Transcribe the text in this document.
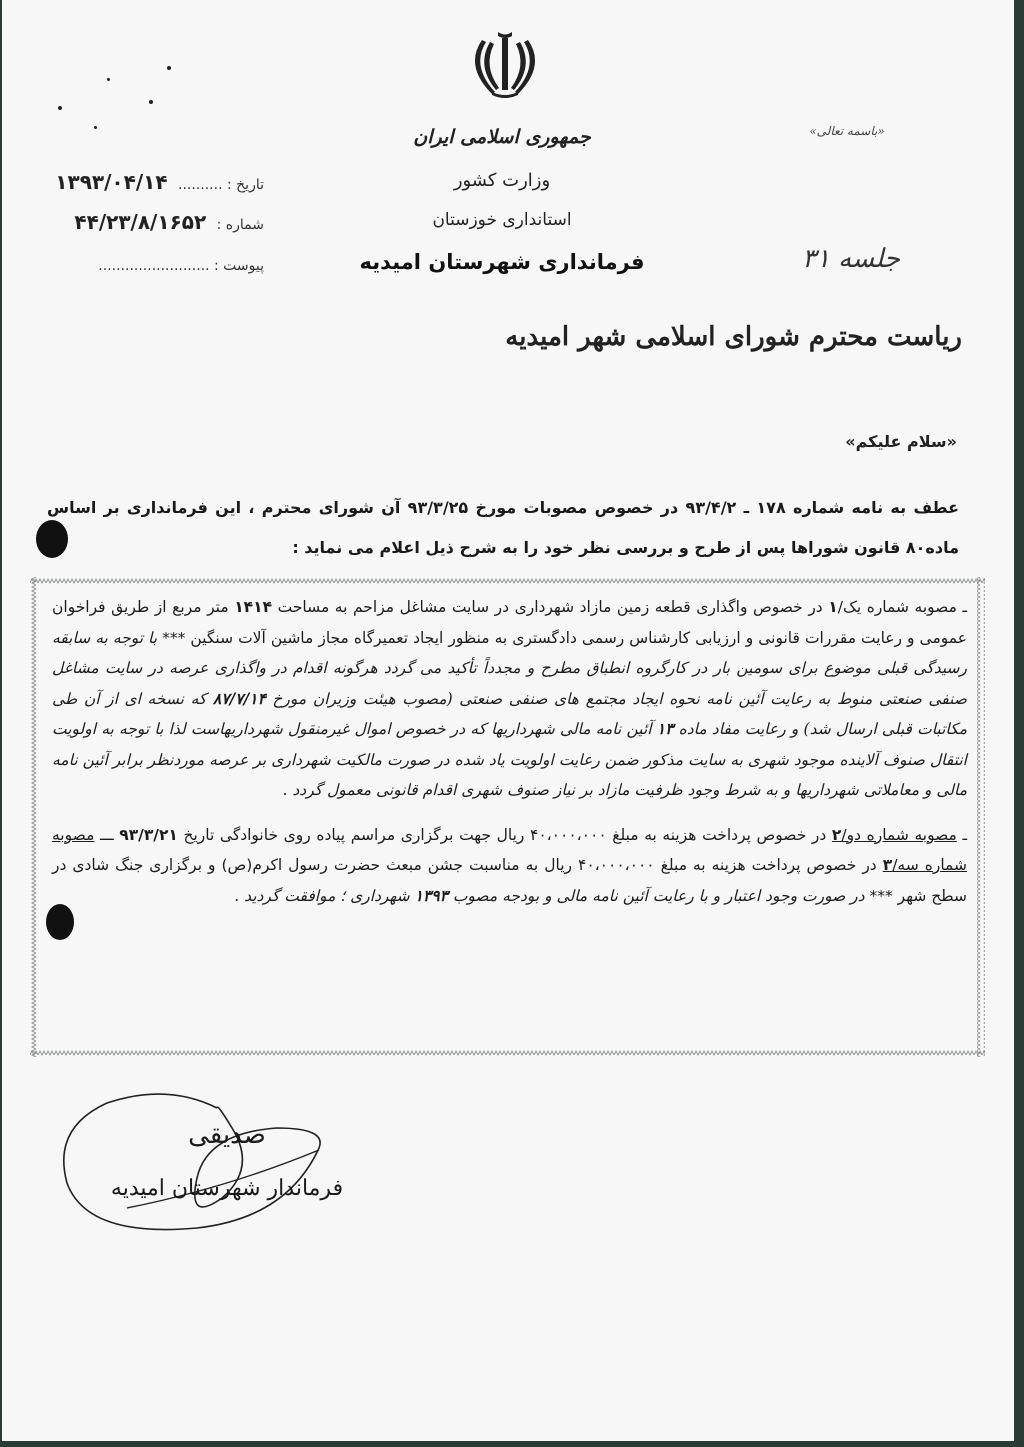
جمهوری اسلامی ایران
وزارت کشور
استانداری خوزستان
فرمانداری شهرستان امیدیه
«باسمه تعالی»
تاریخ : .......... ۱۳۹۳/۰۴/۱۴
شماره : ۴۴/۲۳/۸/۱۶۵۲
پیوست : .........................	جلسه ۳۱
ریاست محترم شورای اسلامی شهر امیدیه
«سلام علیکم»
عطف به نامه شماره ۱۷۸ ـ ۹۳/۴/۲ در خصوص مصوبات مورخ ۹۳/۳/۲۵ آن شورای محترم ، این فرمانداری بر اساس ماده۸۰ قانون شوراها پس از طرح و بررسی نظر خود را به شرح ذیل اعلام می نماید :

ـ مصوبه شماره یک/۱ در خصوص واگذاری قطعه زمین مازاد شهرداری در سایت مشاغل مزاحم به مساحت ۱۴۱۴ متر مربع از طریق فراخوان عمومی و رعایت مقررات قانونی و ارزیابی کارشناس رسمی دادگستری به منظور ایجاد تعمیرگاه مجاز ماشین آلات سنگین *** با توجه به سابقه رسیدگی قبلی موضوع برای سومین بار در کارگروه انطباق مطرح و مجدداً تأکید می گردد هرگونه اقدام در واگذاری عرصه در سایت مشاغل صنفی صنعتی منوط به رعایت آئین نامه نحوه ایجاد مجتمع های صنفی صنعتی (مصوب هیئت وزیران مورخ ۸۷/۷/۱۴ که نسخه ای از آن طی مکاتبات قبلی ارسال شد) و رعایت مفاد ماده ۱۳ آئین نامه مالی شهرداریها که در خصوص اموال غیرمنقول شهرداریهاست لذا با توجه به اولویت انتقال صنوف آلاینده موجود شهری به سایت مذکور ضمن رعایت اولویت یاد شده در صورت مالکیت شهرداری بر عرصه موردنظر برابر آئین نامه مالی و معاملاتی شهرداریها و به شرط وجود ظرفیت مازاد بر نیاز صنوف شهری اقدام قانونی معمول گردد .

ـ مصوبه شماره دو/۲ در خصوص پرداخت هزینه به مبلغ ۴۰،۰۰۰،۰۰۰ ریال جهت برگزاری مراسم پیاده روی خانوادگی تاریخ ۹۳/۳/۲۱ ـــ مصوبه شماره سه/۳ در خصوص پرداخت هزینه به مبلغ ۴۰،۰۰۰،۰۰۰ ریال به مناسبت جشن مبعث حضرت رسول اکرم(ص) و برگزاری جنگ شادی در سطح شهر *** در صورت وجود اعتبار و با رعایت آئین نامه مالی و بودجه مصوب ۱۳۹۳ شهرداری ؛ موافقت گردید .

صدیقی
فرماندار شهرستان امیدیه
